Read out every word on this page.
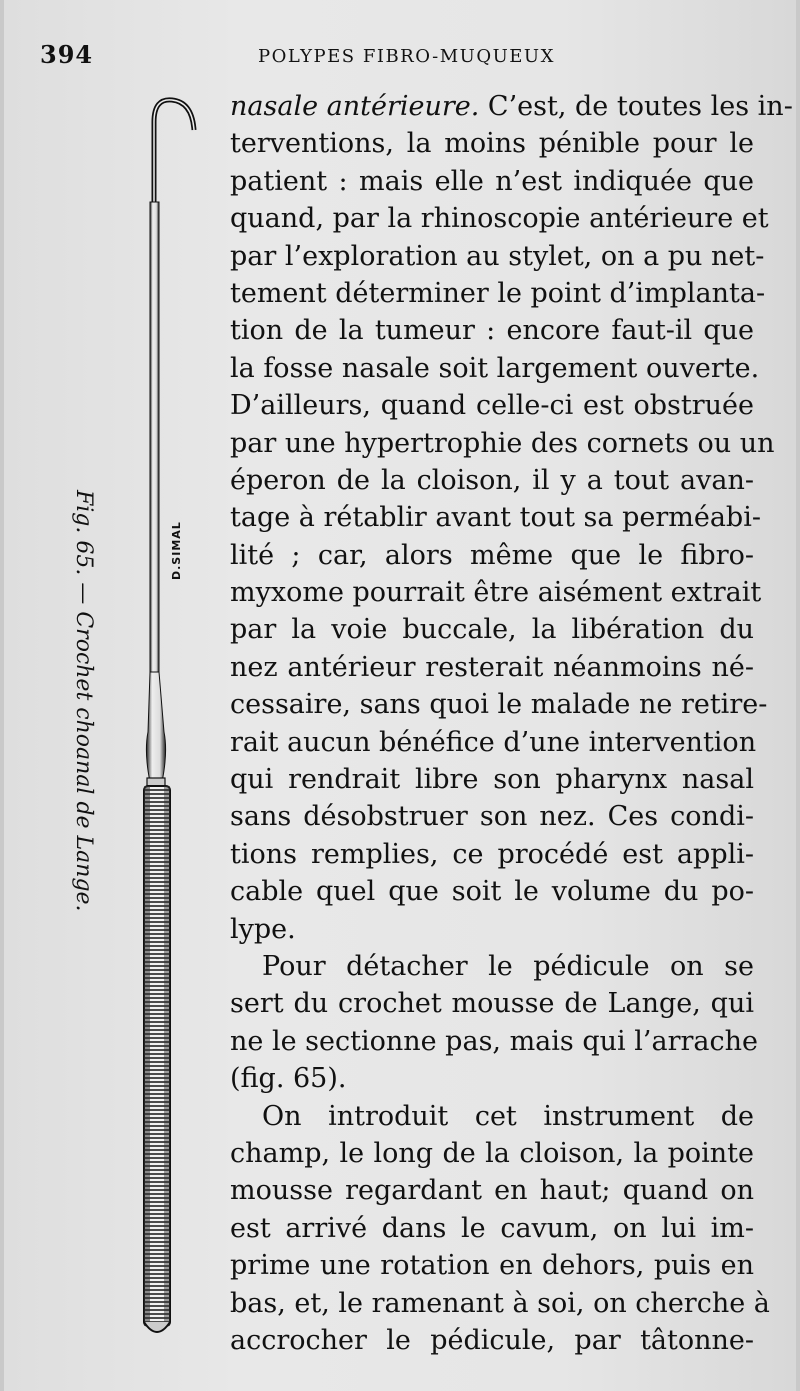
394	POLYPES FIBRO-MUQUEUX
Fig. 65. — Crochet choanal de Lange.	D.SIMAL
nasale antérieure. C’est, de toutes les in-
terventions, la moins pénible pour le
patient : mais elle n’est indiquée que
quand, par la rhinoscopie antérieure et
par l’exploration au stylet, on a pu net-
tement déterminer le point d’implanta-
tion de la tumeur : encore faut-il que
la fosse nasale soit largement ouverte.
D’ailleurs, quand celle-ci est obstruée
par une hypertrophie des cornets ou un
éperon de la cloison, il y a tout avan-
tage à rétablir avant tout sa perméabi-
lité ; car, alors même que le fibro-
myxome pourrait être aisément extrait
par la voie buccale, la libération du
nez antérieur resterait néanmoins né-
cessaire, sans quoi le malade ne retire-
rait aucun bénéfice d’une intervention
qui rendrait libre son pharynx nasal
sans désobstruer son nez. Ces condi-
tions remplies, ce procédé est appli-
cable quel que soit le volume du po-
lype.
Pour détacher le pédicule on se
sert du crochet mousse de Lange, qui
ne le sectionne pas, mais qui l’arrache
(fig. 65).
On introduit cet instrument de
champ, le long de la cloison, la pointe
mousse regardant en haut; quand on
est arrivé dans le cavum, on lui im-
prime une rotation en dehors, puis en
bas, et, le ramenant à soi, on cherche à
accrocher le pédicule, par tâtonne-
